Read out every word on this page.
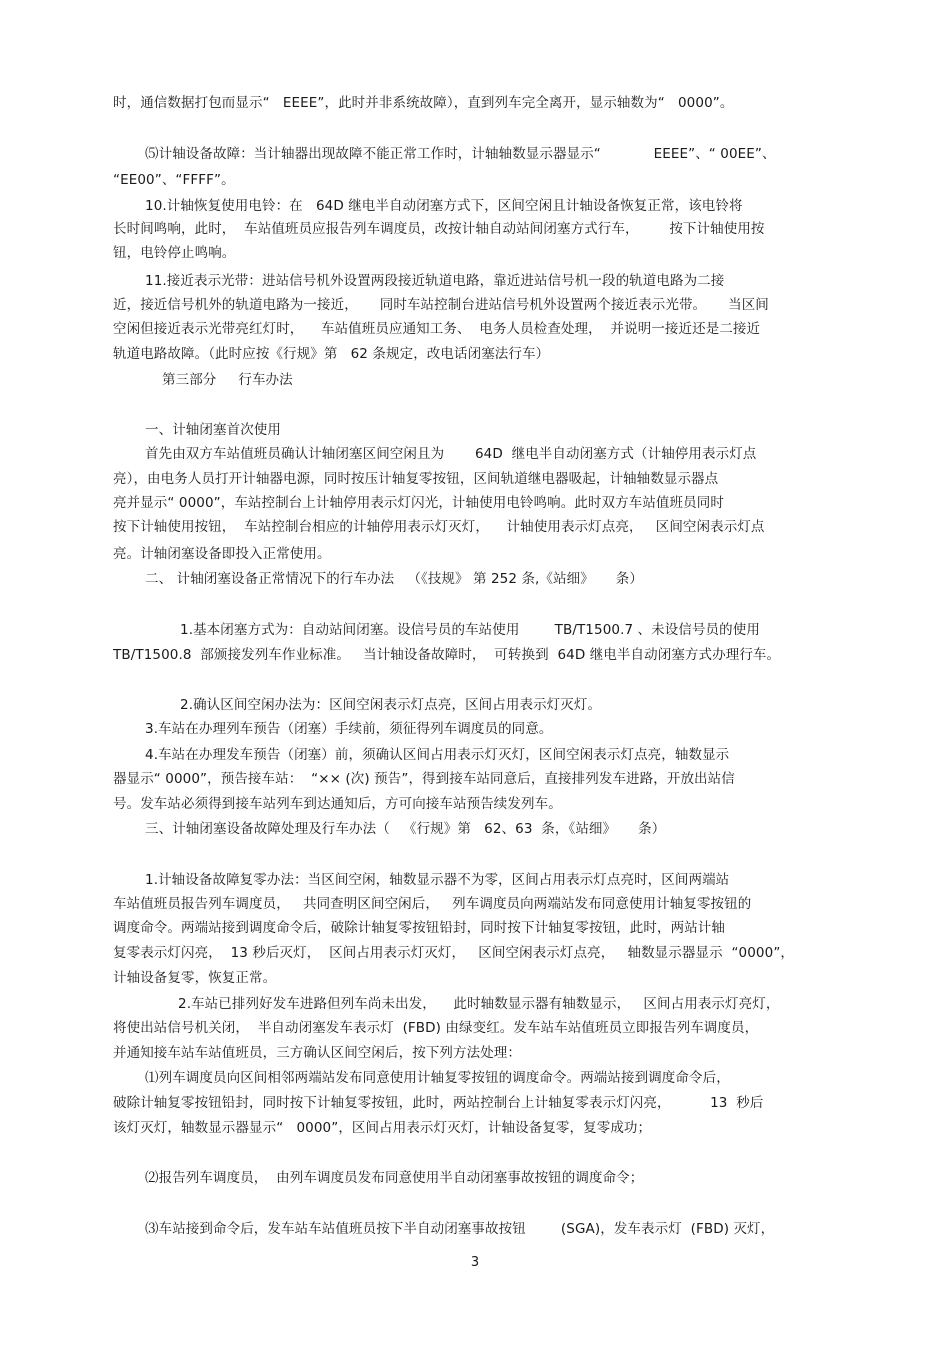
时，通信数据打包而显示“   EEEE”，此时并非系统故障），直到列车完全离开，显示轴数为“   0000”。
⑸计轴设备故障：当计轴器出现故障不能正常工作时，计轴轴数显示器显示“            EEEE”、“ 00EE”、
“EE00”、“FFFF”。
10.计轴恢复使用电铃：在   64D 继电半自动闭塞方式下，区间空闲且计轴设备恢复正常，该电铃将
长时间鸣响，此时，  车站值班员应报告列车调度员，改按计轴自动站间闭塞方式行车，       按下计轴使用按
钮，电铃停止鸣响。
11.接近表示光带：进站信号机外设置两段接近轨道电路，靠近进站信号机一段的轨道电路为二接
近，接近信号机外的轨道电路为一接近，     同时车站控制台进站信号机外设置两个接近表示光带。     当区间
空闲但接近表示光带亮红灯时，    车站值班员应通知工务、  电务人员检查处理，  并说明一接近还是二接近
轨道电路故障。（此时应按《行规》第   62 条规定，改电话闭塞法行车）
第三部分     行车办法
一、计轴闭塞首次使用
首先由双方车站值班员确认计轴闭塞区间空闲且为       64D  继电半自动闭塞方式（计轴停用表示灯点
亮），由电务人员打开计轴器电源，同时按压计轴复零按钮，区间轨道继电器吸起，计轴轴数显示器点
亮并显示“ 0000”，车站控制台上计轴停用表示灯闪光，计轴使用电铃鸣响。此时双方车站值班员同时
按下计轴使用按钮，  车站控制台相应的计轴停用表示灯灭灯，    计轴使用表示灯点亮，   区间空闲表示灯点
亮。计轴闭塞设备即投入正常使用。
二、 计轴闭塞设备正常情况下的行车办法   （《技规》 第 252 条,《站细》     条）
1.基本闭塞方式为：自动站间闭塞。设信号员的车站使用        TB/T1500.7 、未设信号员的使用
TB/T1500.8  部颁接发列车作业标准。   当计轴设备故障时，  可转换到  64D 继电半自动闭塞方式办理行车。
2.确认区间空闲办法为：区间空闲表示灯点亮，区间占用表示灯灭灯。
3.车站在办理列车预告（闭塞）手续前，须征得列车调度员的同意。
4.车站在办理发车预告（闭塞）前，须确认区间占用表示灯灭灯，区间空闲表示灯点亮，轴数显示
器显示“ 0000”，预告接车站：  “×× (次) 预告”，得到接车站同意后，直接排列发车进路，开放出站信
号。发车站必须得到接车站列车到达通知后，方可向接车站预告续发列车。
三、计轴闭塞设备故障处理及行车办法（   《行规》第   62、63  条，《站细》     条）
1.计轴设备故障复零办法：当区间空闲，轴数显示器不为零，区间占用表示灯点亮时，区间两端站
车站值班员报告列车调度员，   共同查明区间空闲后，   列车调度员向两端站发布同意使用计轴复零按钮的
调度命令。两端站接到调度命令后，破除计轴复零按钮铅封，同时按下计轴复零按钮，此时，两站计轴
复零表示灯闪亮，  13 秒后灭灯，  区间占用表示灯灭灯，   区间空闲表示灯点亮，   轴数显示器显示  “0000”，
计轴设备复零，恢复正常。
2.车站已排列好发车进路但列车尚未出发，    此时轴数显示器有轴数显示，   区间占用表示灯亮灯，
将使出站信号机关闭，  半自动闭塞发车表示灯  (FBD) 由绿变红。发车站车站值班员立即报告列车调度员，
并通知接车站车站值班员，三方确认区间空闲后，按下列方法处理：
⑴列车调度员向区间相邻两端站发布同意使用计轴复零按钮的调度命令。两端站接到调度命令后，
破除计轴复零按钮铅封，同时按下计轴复零按钮，此时，两站控制台上计轴复零表示灯闪亮，         13  秒后
该灯灭灯，轴数显示器显示“   0000”，区间占用表示灯灭灯，计轴设备复零，复零成功；
⑵报告列车调度员，  由列车调度员发布同意使用半自动闭塞事故按钮的调度命令；
⑶车站接到命令后，发车站车站值班员按下半自动闭塞事故按钮        (SGA)，发车表示灯  (FBD) 灭灯，
3
